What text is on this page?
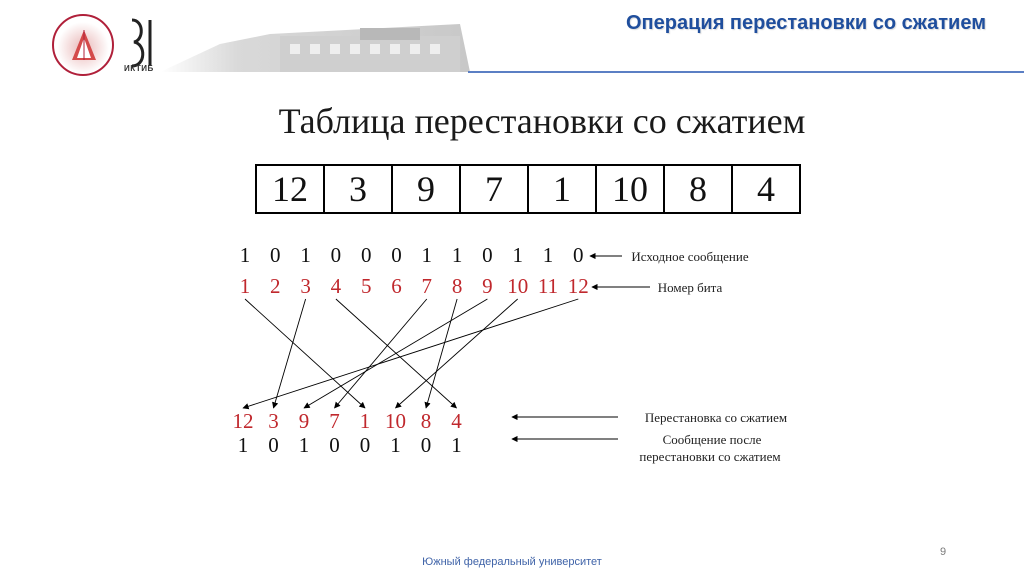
ИКТИБ
Операция перестановки со сжатием
Таблица перестановки со сжатием
12	3	9	7	1	10	8	4
1 0 1 0 0 0 1 1 0 1 1 0
1 2 3 4 5 6 7 8 9 10 11 12
12 3 9 7 1 10 8 4
1 0 1 0 0 1 0 1
Исходное сообщение
Номер бита
Перестановка со сжатием
Сообщение после
перестановки со сжатием
9
Южный федеральный университет
